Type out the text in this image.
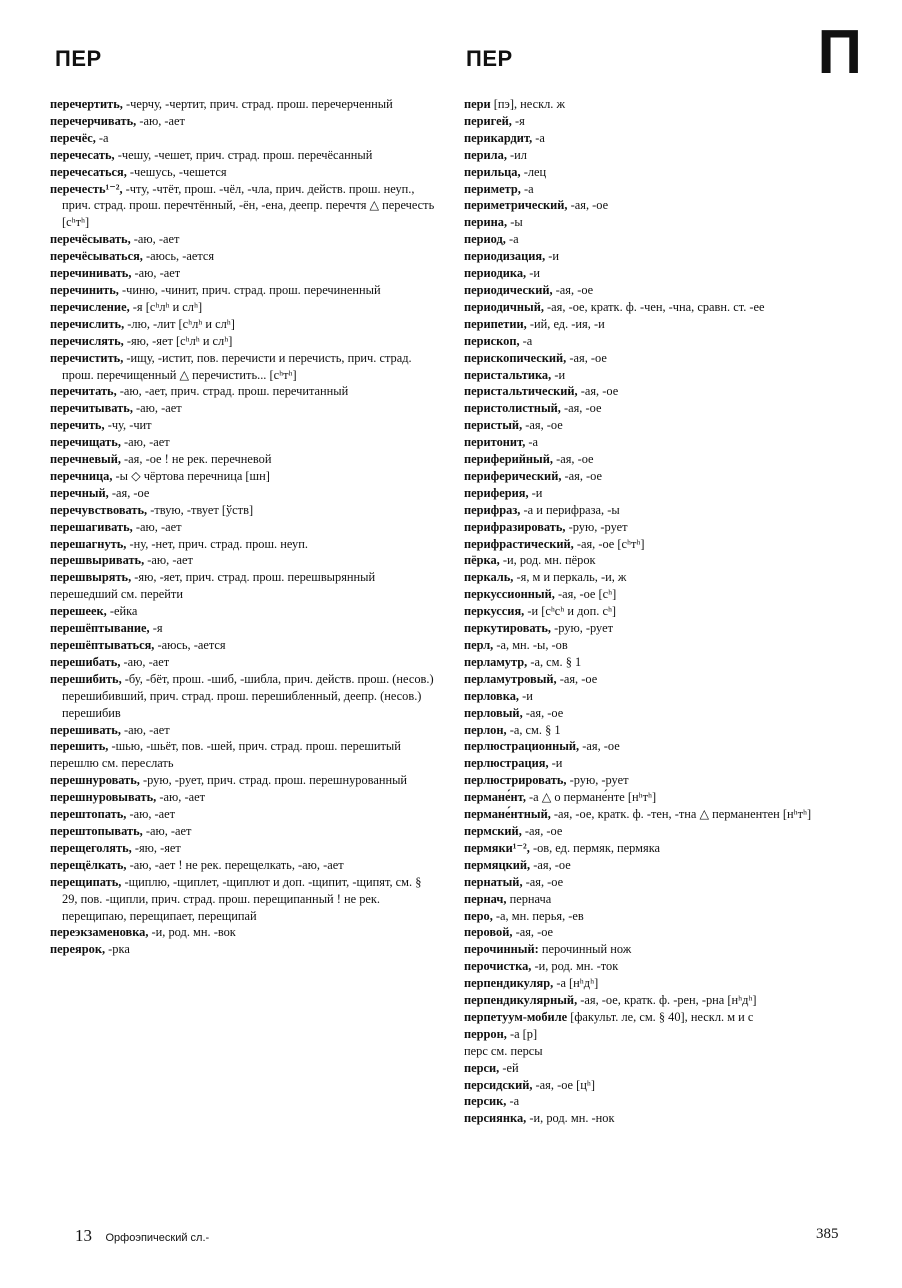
ПЕР	ПЕР	П

перечертить, -черчу, -чертит, прич. страд. прош. перечерченный

перечерчивать, -аю, -ает

перечёс, -а

перечесать, -чешу, -чешет, прич. страд. прош. перечёсанный

перечесаться, -чешусь, -чешется

перечесть¹⁻², -чту, -чтёт, прош. -чёл, -чла, прич. действ. прош. неуп., прич. страд. прош. перечтённый, -ён, -ена, деепр. перечтя △ перечесть [сʰтʰ]

перечёсывать, -аю, -ает

перечёсываться, -аюсь, -ается

перечинивать, -аю, -ает

перечинить, -чиню, -чинит, прич. страд. прош. перечиненный

перечисление, -я [сʰлʰ и слʰ]

перечислить, -лю, -лит [сʰлʰ и слʰ]

перечислять, -яю, -яет [сʰлʰ и слʰ]

перечистить, -ищу, -истит, пов. перечисти и перечисть, прич. страд. прош. перечищенный △ перечистить... [сʰтʰ]

перечитать, -аю, -ает, прич. страд. прош. перечитанный

перечитывать, -аю, -ает

перечить, -чу, -чит

перечищать, -аю, -ает

перечневый, -ая, -ое ! не рек. перечневой

перечница, -ы ◇ чёртова перечница [шн]

перечный, -ая, -ое

перечувствовать, -твую, -твует [ўств]

перешагивать, -аю, -ает

перешагнуть, -ну, -нет, прич. страд. прош. неуп.

перешвыривать, -аю, -ает

перешвырять, -яю, -яет, прич. страд. прош. перешвырянный

перешедший см. перейти

перешеек, -ейка

перешёптывание, -я

перешёптываться, -аюсь, -ается

перешибать, -аю, -ает

перешибить, -бу, -бёт, прош. -шиб, -шибла, прич. действ. прош. (несов.) перешибивший, прич. страд. прош. перешибленный, деепр. (несов.) перешибив

перешивать, -аю, -ает

перешить, -шью, -шьёт, пов. -шей, прич. страд. прош. перешитый

перешлю см. переслать

перешнуровать, -рую, -рует, прич. страд. прош. перешнурованный

перешнуровывать, -аю, -ает

перештопать, -аю, -ает

перештопывать, -аю, -ает

перещеголять, -яю, -яет

перещёлкать, -аю, -ает ! не рек. перещелкать, -аю, -ает

перещипать, -щиплю, -щиплет, -щиплют и доп. -щипит, -щипят, см. § 29, пов. -щипли, прич. страд. прош. перещипанный ! не рек. перещипаю, перещипает, перещипай

переэкзаменовка, -и, род. мн. -вок

переярок, -рка

пери [пэ], нескл. ж

перигей, -я

перикардит, -а

перила, -ил

перильца, -лец

периметр, -а

периметрический, -ая, -ое

перина, -ы

период, -а

периодизация, -и

периодика, -и

периодический, -ая, -ое

периодичный, -ая, -ое, кратк. ф. -чен, -чна, сравн. ст. -ее

перипетии, -ий, ед. -ия, -и

перископ, -а

перископический, -ая, -ое

перистальтика, -и

перистальтический, -ая, -ое

перистолистный, -ая, -ое

перистый, -ая, -ое

перитонит, -а

периферийный, -ая, -ое

периферический, -ая, -ое

периферия, -и

перифраз, -а и перифраза, -ы

перифразировать, -рую, -рует

перифрастический, -ая, -ое [сʰтʰ]

пёрка, -и, род. мн. пёрок

перкаль, -я, м и перкаль, -и, ж

перкуссионный, -ая, -ое [сʰ]

перкуссия, -и [сʰсʰ и доп. сʰ]

перкутировать, -рую, -рует

перл, -а, мн. -ы, -ов

перламутр, -а, см. § 1

перламутровый, -ая, -ое

перловка, -и

перловый, -ая, -ое

перлон, -а, см. § 1

перлюстрационный, -ая, -ое

перлюстрация, -и

перлюстрировать, -рую, -рует

пермане́нт, -а △ о пермане́нте [нʰтʰ]

пермане́нтный, -ая, -ое, кратк. ф. -тен, -тна △ перманентен [нʰтʰ]

пермский, -ая, -ое

пермяки¹⁻², -ов, ед. пермяк, пермяка

пермяцкий, -ая, -ое

пернатый, -ая, -ое

пернач, пернача

перо, -а, мн. перья, -ев

перовой, -ая, -ое

перочинный: перочинный нож

перочистка, -и, род. мн. -ток

перпендикуляр, -а [нʰдʰ]

перпендикулярный, -ая, -ое, кратк. ф. -рен, -рна [нʰдʰ]

перпетуум-мобиле [факульт. ле, см. § 40], нескл. м и с

перрон, -а [р]

перс см. персы

перси, -ей

персидский, -ая, -ое [цʰ]

персик, -а

персиянка, -и, род. мн. -нок

13 Орфоэпический сл.-	385
